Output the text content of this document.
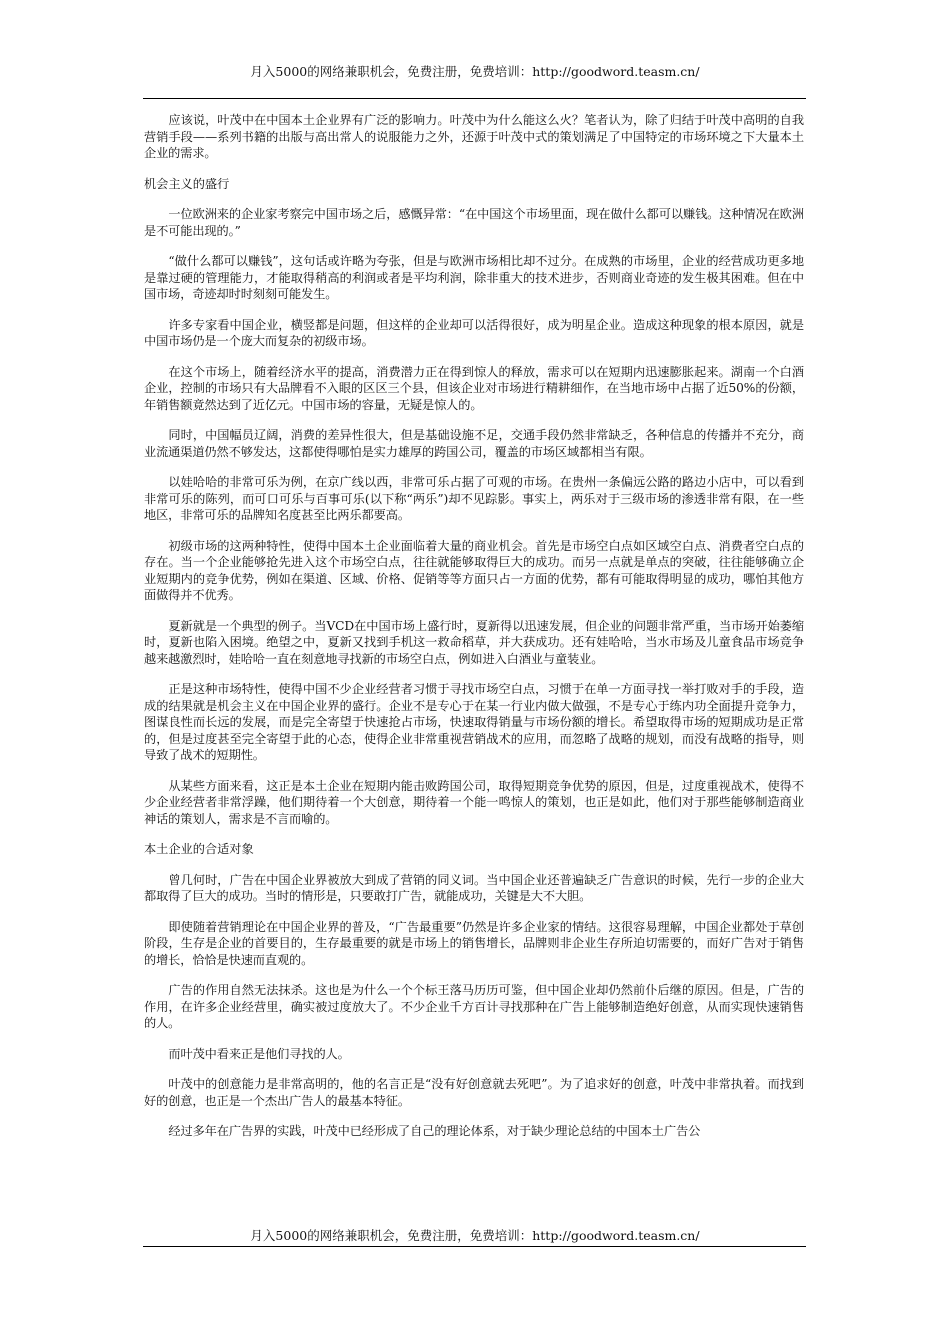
月入5000的网络兼职机会，免费注册，免费培训：http://goodword.teasm.cn/

应该说，叶茂中在中国本土企业界有广泛的影响力。叶茂中为什么能这么火？笔者认为，除了归结于叶茂中高明的自我营销手段——系列书籍的出版与高出常人的说服能力之外，还源于叶茂中式的策划满足了中国特定的市场环境之下大量本土企业的需求。

机会主义的盛行

一位欧洲来的企业家考察完中国市场之后，感慨异常：“在中国这个市场里面，现在做什么都可以赚钱。这种情况在欧洲是不可能出现的。”

“做什么都可以赚钱”，这句话或许略为夸张，但是与欧洲市场相比却不过分。在成熟的市场里，企业的经营成功更多地是靠过硬的管理能力，才能取得稍高的利润或者是平均利润，除非重大的技术进步，否则商业奇迹的发生极其困难。但在中国市场，奇迹却时时刻刻可能发生。

许多专家看中国企业，横竖都是问题，但这样的企业却可以活得很好，成为明星企业。造成这种现象的根本原因，就是中国市场仍是一个庞大而复杂的初级市场。

在这个市场上，随着经济水平的提高，消费潜力正在得到惊人的释放，需求可以在短期内迅速膨胀起来。湖南一个白酒企业，控制的市场只有大品牌看不入眼的区区三个县，但该企业对市场进行精耕细作，在当地市场中占据了近50%的份额，年销售额竟然达到了近亿元。中国市场的容量，无疑是惊人的。

同时，中国幅员辽阔，消费的差异性很大，但是基础设施不足，交通手段仍然非常缺乏，各种信息的传播并不充分，商业流通渠道仍然不够发达，这都使得哪怕是实力雄厚的跨国公司，覆盖的市场区域都相当有限。

以娃哈哈的非常可乐为例，在京广线以西，非常可乐占据了可观的市场。在贵州一条偏远公路的路边小店中，可以看到非常可乐的陈列，而可口可乐与百事可乐(以下称“两乐”)却不见踪影。事实上，两乐对于三级市场的渗透非常有限，在一些地区，非常可乐的品牌知名度甚至比两乐都要高。

初级市场的这两种特性，使得中国本土企业面临着大量的商业机会。首先是市场空白点如区域空白点、消费者空白点的存在。当一个企业能够抢先进入这个市场空白点，往往就能够取得巨大的成功。而另一点就是单点的突破，往往能够确立企业短期内的竞争优势，例如在渠道、区域、价格、促销等等方面只占一方面的优势，都有可能取得明显的成功，哪怕其他方面做得并不优秀。

夏新就是一个典型的例子。当VCD在中国市场上盛行时，夏新得以迅速发展，但企业的问题非常严重，当市场开始萎缩时，夏新也陷入困境。绝望之中，夏新又找到手机这一救命稻草，并大获成功。还有娃哈哈，当水市场及儿童食品市场竞争越来越激烈时，娃哈哈一直在刻意地寻找新的市场空白点，例如进入白酒业与童装业。

正是这种市场特性，使得中国不少企业经营者习惯于寻找市场空白点，习惯于在单一方面寻找一举打败对手的手段，造成的结果就是机会主义在中国企业界的盛行。企业不是专心于在某一行业内做大做强，不是专心于练内功全面提升竞争力，图谋良性而长远的发展，而是完全寄望于快速抢占市场，快速取得销量与市场份额的增长。希望取得市场的短期成功是正常的，但是过度甚至完全寄望于此的心态，使得企业非常重视营销战术的应用，而忽略了战略的规划，而没有战略的指导，则导致了战术的短期性。

从某些方面来看，这正是本土企业在短期内能击败跨国公司，取得短期竞争优势的原因，但是，过度重视战术，使得不少企业经营者非常浮躁，他们期待着一个大创意，期待着一个能一鸣惊人的策划，也正是如此，他们对于那些能够制造商业神话的策划人，需求是不言而喻的。

本土企业的合适对象

曾几何时，广告在中国企业界被放大到成了营销的同义词。当中国企业还普遍缺乏广告意识的时候，先行一步的企业大都取得了巨大的成功。当时的情形是，只要敢打广告，就能成功，关键是大不大胆。

即使随着营销理论在中国企业界的普及，“广告最重要”仍然是许多企业家的情结。这很容易理解，中国企业都处于草创阶段，生存是企业的首要目的，生存最重要的就是市场上的销售增长，品牌则非企业生存所迫切需要的，而好广告对于销售的增长，恰恰是快速而直观的。

广告的作用自然无法抹杀。这也是为什么一个个标王落马历历可鉴，但中国企业却仍然前仆后继的原因。但是，广告的作用，在许多企业经营里，确实被过度放大了。不少企业千方百计寻找那种在广告上能够制造绝好创意，从而实现快速销售的人。

而叶茂中看来正是他们寻找的人。

叶茂中的创意能力是非常高明的，他的名言正是“没有好创意就去死吧”。为了追求好的创意，叶茂中非常执着。而找到好的创意，也正是一个杰出广告人的最基本特征。

经过多年在广告界的实践，叶茂中已经形成了自己的理论体系，对于缺少理论总结的中国本土广告公

月入5000的网络兼职机会，免费注册，免费培训：http://goodword.teasm.cn/
